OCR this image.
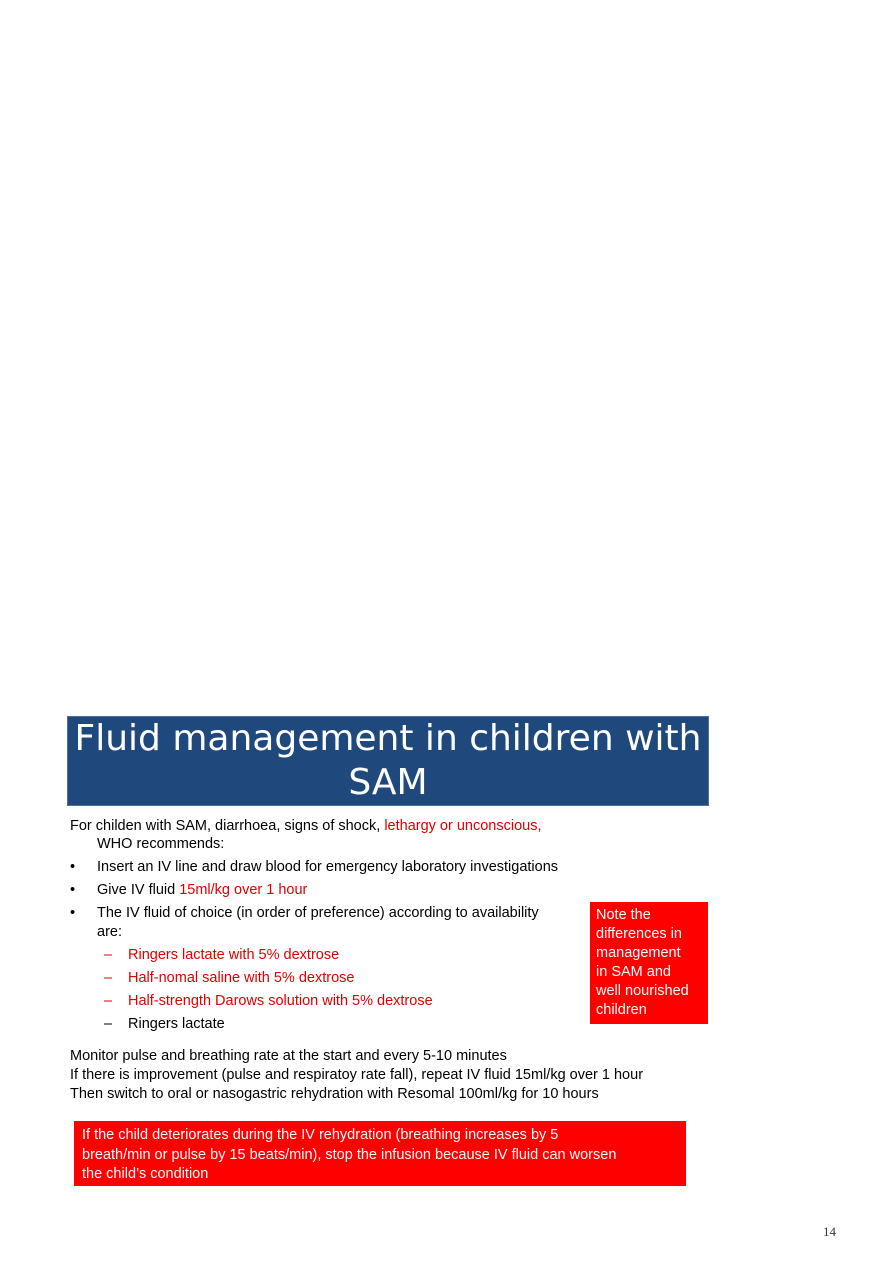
Fluid management in children with
SAM
For childen with SAM, diarrhoea, signs of shock, lethargy or unconscious,
WHO recommends:
• Insert an IV line and draw blood for emergency laboratory investigations
• Give IV fluid 15ml/kg over 1 hour
• The IV fluid of choice (in order of preference) according to availability
are:
– Ringers lactate with 5% dextrose
– Half-nomal saline with 5% dextrose
– Half-strength Darows solution with 5% dextrose
– Ringers lactate
Note the
differences in
management
in SAM and
well nourished
children
Monitor pulse and breathing rate at the start and every 5-10 minutes
If there is improvement (pulse and respiratoy rate fall), repeat IV fluid 15ml/kg over 1 hour
Then switch to oral or nasogastric rehydration with Resomal 100ml/kg for 10 hours
If the child deteriorates during the IV rehydration (breathing increases by 5
breath/min or pulse by 15 beats/min), stop the infusion because IV fluid can worsen
the child’s condition
14
